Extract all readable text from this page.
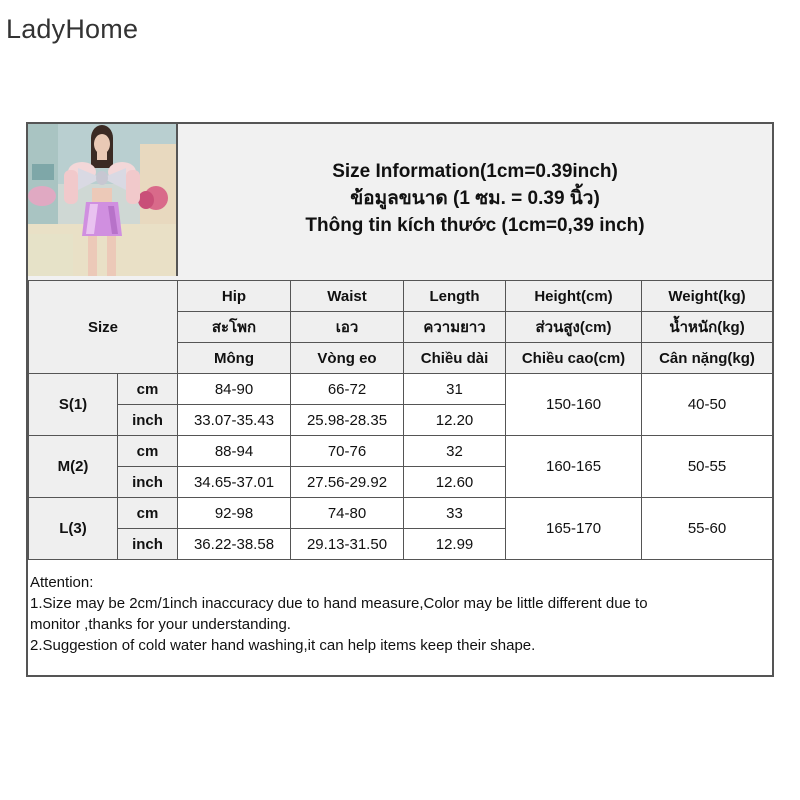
LadyHome
Size Information(1cm=0.39inch)
ข้อมูลขนาด (1 ซม. = 0.39 นิ้ว)
Thông tin kích thước (1cm=0,39 inch)
Size		Hip	Waist	Length	Height(cm)	Weight(kg)
		สะโพก	เอว	ความยาว	ส่วนสูง(cm)	น้ำหนัก(kg)
		Mông	Vòng eo	Chiều dài	Chiều cao(cm)	Cân nặng(kg)
S(1)	cm	84-90	66-72	31	150-160	40-50
	inch	33.07-35.43	25.98-28.35	12.20		
M(2)	cm	88-94	70-76	32	160-165	50-55
	inch	34.65-37.01	27.56-29.92	12.60		
L(3)	cm	92-98	74-80	33	165-170	55-60
	inch	36.22-38.58	29.13-31.50	12.99		
Attention:
1.Size may be 2cm/1inch inaccuracy due to hand measure,Color may be little different due to
monitor ,thanks for your understanding.
2.Suggestion of cold water hand washing,it can help items keep their shape.
